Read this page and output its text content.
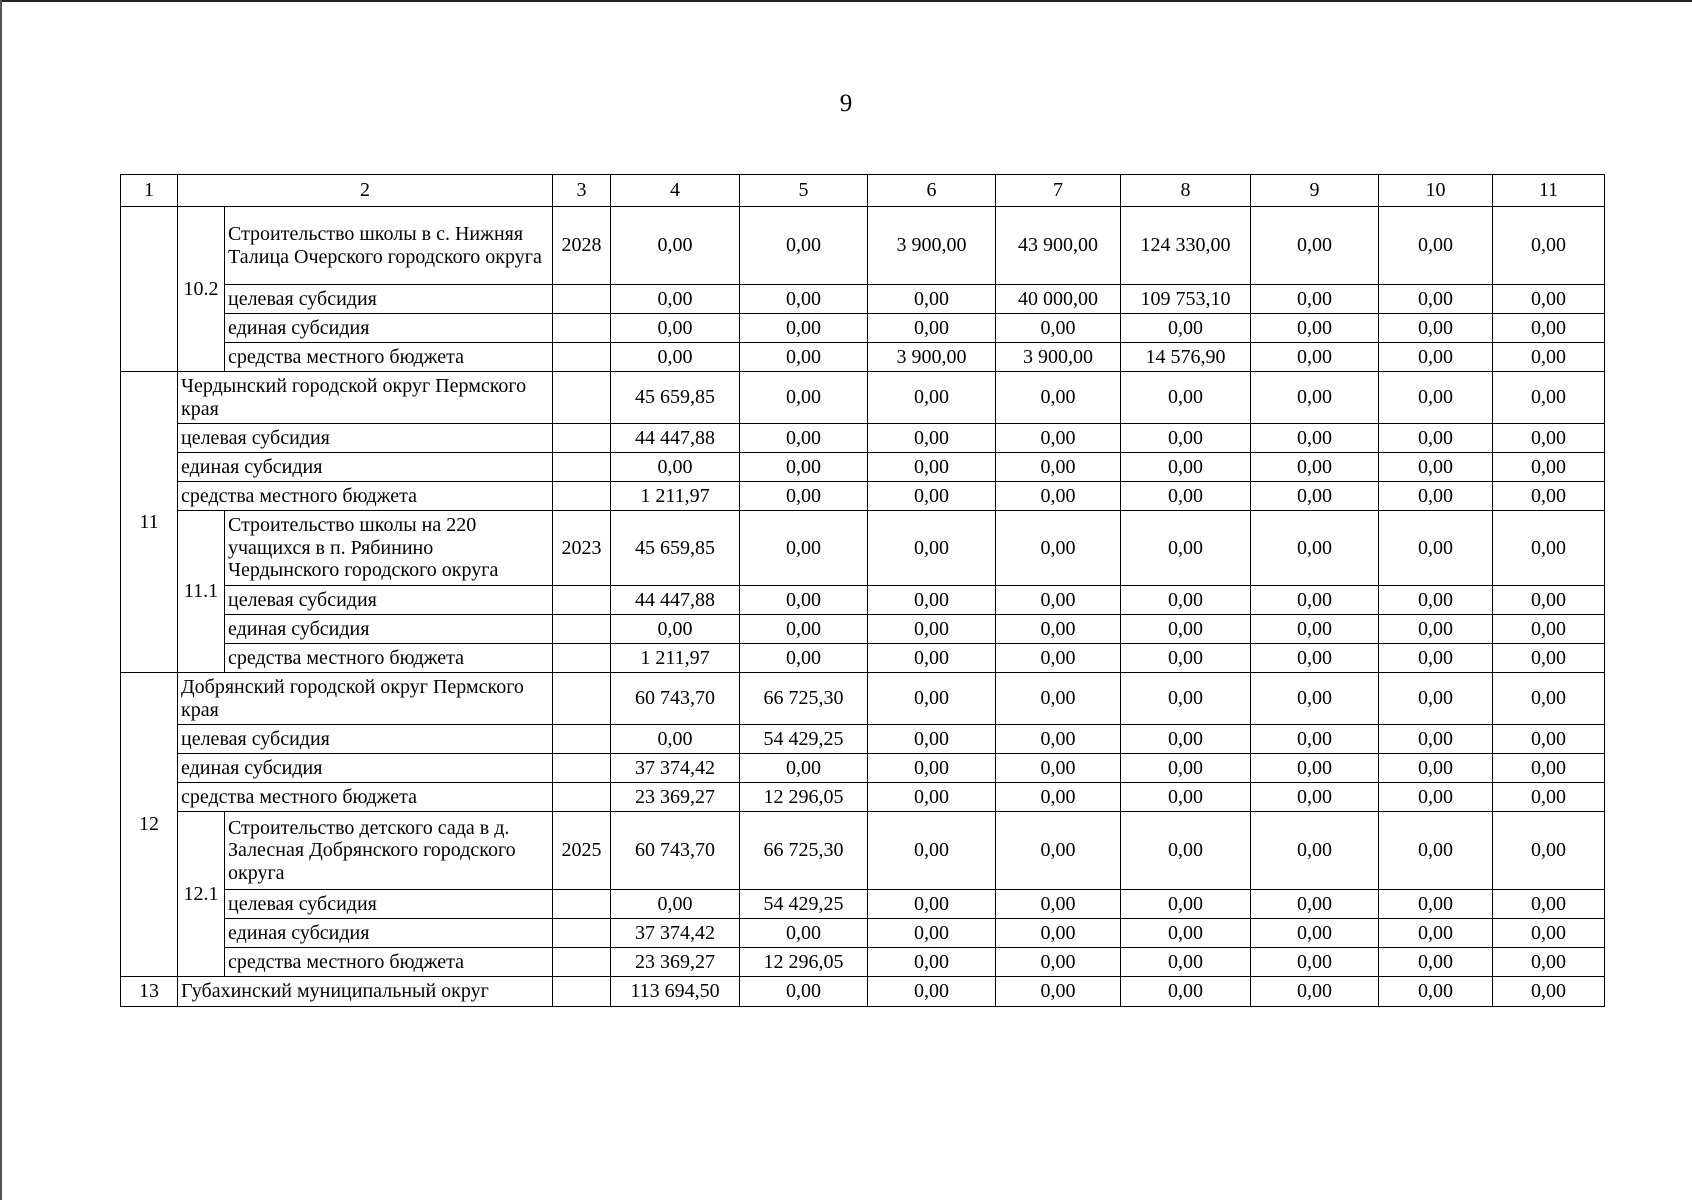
9
1	2		3	4	5	6	7	8	9	10	11
	10.2	Строительство школы в с. Нижняя Талица Очерского городского округа	2028	0,00	0,00	3 900,00	43 900,00	124 330,00	0,00	0,00	0,00
		целевая субсидия		0,00	0,00	0,00	40 000,00	109 753,10	0,00	0,00	0,00
		единая субсидия		0,00	0,00	0,00	0,00	0,00	0,00	0,00	0,00
		средства местного бюджета		0,00	0,00	3 900,00	3 900,00	14 576,90	0,00	0,00	0,00
11	Чердынский городской округ Пермского края			45 659,85	0,00	0,00	0,00	0,00	0,00	0,00	0,00
	целевая субсидия			44 447,88	0,00	0,00	0,00	0,00	0,00	0,00	0,00
	единая субсидия			0,00	0,00	0,00	0,00	0,00	0,00	0,00	0,00
	средства местного бюджета			1 211,97	0,00	0,00	0,00	0,00	0,00	0,00	0,00
	11.1	Строительство школы на 220 учащихся в п. Рябинино Чердынского городского округа	2023	45 659,85	0,00	0,00	0,00	0,00	0,00	0,00	0,00
		целевая субсидия		44 447,88	0,00	0,00	0,00	0,00	0,00	0,00	0,00
		единая субсидия		0,00	0,00	0,00	0,00	0,00	0,00	0,00	0,00
		средства местного бюджета		1 211,97	0,00	0,00	0,00	0,00	0,00	0,00	0,00
12	Добрянский городской округ Пермского края			60 743,70	66 725,30	0,00	0,00	0,00	0,00	0,00	0,00
	целевая субсидия			0,00	54 429,25	0,00	0,00	0,00	0,00	0,00	0,00
	единая субсидия			37 374,42	0,00	0,00	0,00	0,00	0,00	0,00	0,00
	средства местного бюджета			23 369,27	12 296,05	0,00	0,00	0,00	0,00	0,00	0,00
	12.1	Строительство детского сада в д. Залесная Добрянского городского округа	2025	60 743,70	66 725,30	0,00	0,00	0,00	0,00	0,00	0,00
		целевая субсидия		0,00	54 429,25	0,00	0,00	0,00	0,00	0,00	0,00
		единая субсидия		37 374,42	0,00	0,00	0,00	0,00	0,00	0,00	0,00
		средства местного бюджета		23 369,27	12 296,05	0,00	0,00	0,00	0,00	0,00	0,00
13	Губахинский муниципальный округ			113 694,50	0,00	0,00	0,00	0,00	0,00	0,00	0,00
